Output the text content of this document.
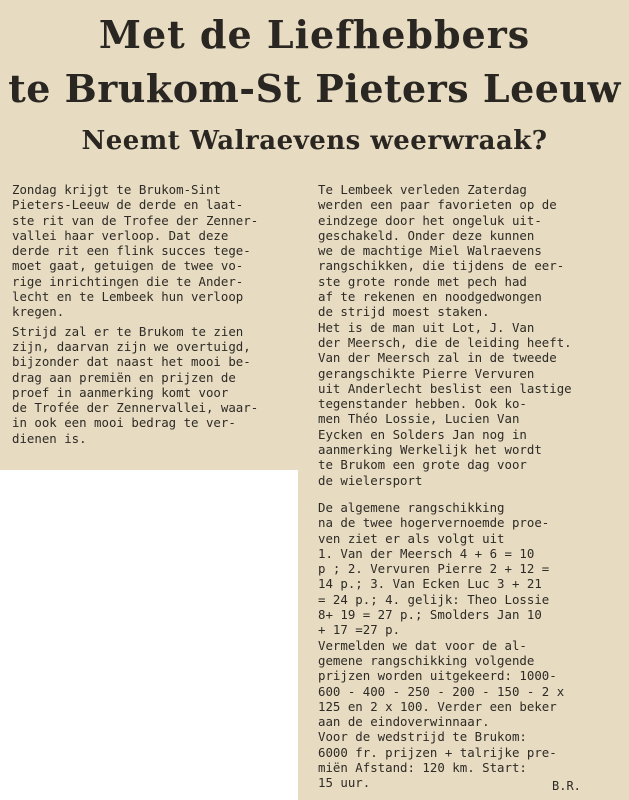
Met de Liefhebbers
te Brukom-St Pieters Leeuw
Neemt Walraevens weerwraak?
Zondag krijgt te Brukom-Sint
Pieters-Leeuw de derde en laat-
ste rit van de Trofee der Zenner-
vallei haar verloop. Dat deze
derde rit een flink succes tege-
moet gaat, getuigen de twee vo-
rige inrichtingen die te Ander-
lecht en te Lembeek hun verloop
kregen.
Strijd zal er te Brukom te zien
zijn, daarvan zijn we overtuigd,
bijzonder dat naast het mooi be-
drag aan premiën en prijzen de
proef in aanmerking komt voor
de Trofée der Zennervallei, waar-
in ook een mooi bedrag te ver-
dienen is.
Te Lembeek verleden Zaterdag
werden een paar favorieten op de
eindzege door het ongeluk uit-
geschakeld. Onder deze kunnen
we de machtige Miel Walraevens
rangschikken, die tijdens de eer-
ste grote ronde met pech had
af te rekenen en noodgedwongen
de strijd moest staken.
Het is de man uit Lot, J. Van
der Meersch, die de leiding heeft.
Van der Meersch zal in de tweede
gerangschikte Pierre Vervuren
uit Anderlecht beslist een lastige
tegenstander hebben. Ook ko-
men Théo Lossie, Lucien Van
Eycken en Solders Jan nog in
aanmerking Werkelijk het wordt
te Brukom een grote dag voor
de wielersport
De algemene rangschikking
na de twee hogervernoemde proe-
ven ziet er als volgt uit
1. Van der Meersch 4 + 6 = 10
p ; 2. Vervuren Pierre 2 + 12 =
14 p.; 3. Van Ecken Luc 3 + 21
= 24 p.; 4. gelijk: Theo Lossie
8+ 19 = 27 p.; Smolders Jan 10
+ 17 =27 p.
Vermelden we dat voor de al-
gemene rangschikking volgende
prijzen worden uitgekeerd: 1000-
600 - 400 - 250 - 200 - 150 - 2 x
125 en 2 x 100. Verder een beker
aan de eindoverwinnaar.
Voor de wedstrijd te Brukom:
6000 fr. prijzen + talrijke pre-
miën Afstand: 120 km. Start:
15 uur.	B.R.
